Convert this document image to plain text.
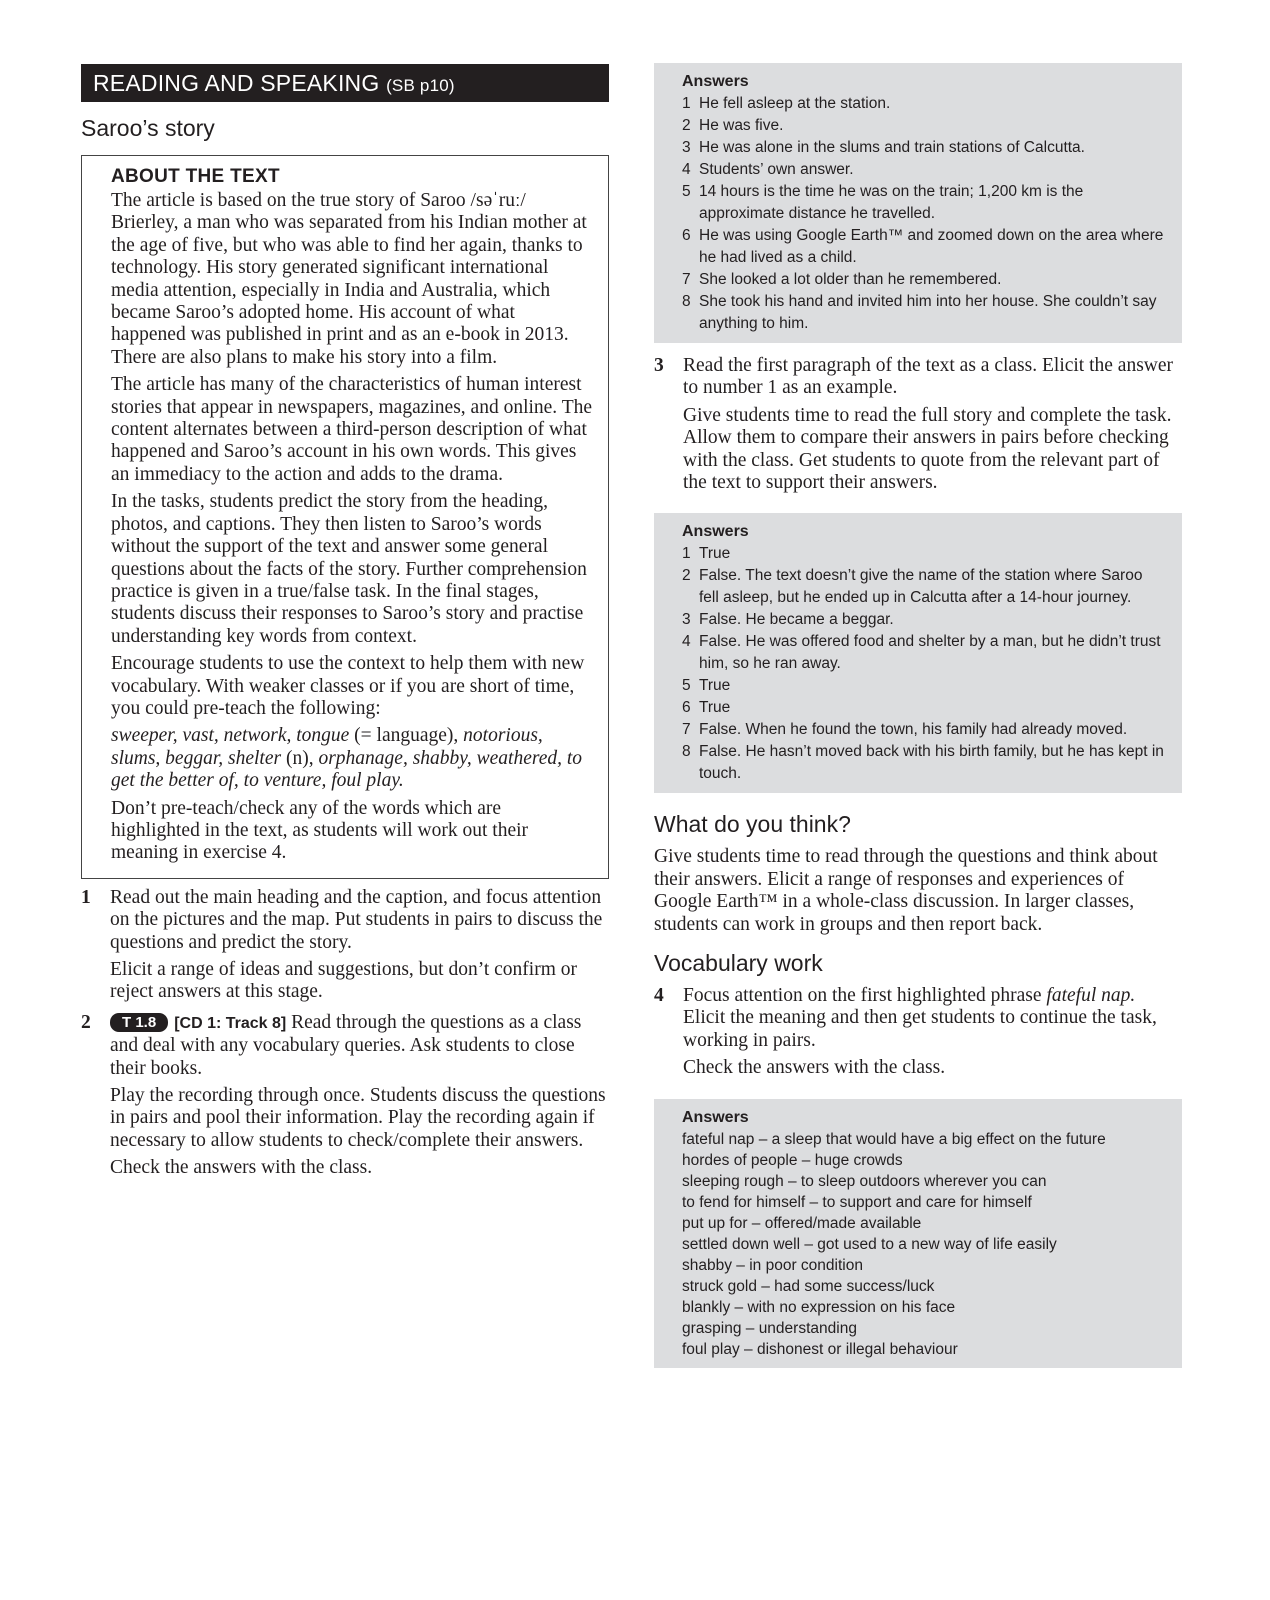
READING AND SPEAKING (SB p10)
Saroo’s story
ABOUT THE TEXT

The article is based on the true story of Saroo /səˈruː/ Brierley, a man who was separated from his Indian mother at the age of five, but who was able to find her again, thanks to technology. His story generated significant international media attention, especially in India and Australia, which became Saroo’s adopted home. His account of what happened was published in print and as an e-book in 2013. There are also plans to make his story into a film.

The article has many of the characteristics of human interest stories that appear in newspapers, magazines, and online. The content alternates between a third-person description of what happened and Saroo’s account in his own words. This gives an immediacy to the action and adds to the drama.

In the tasks, students predict the story from the heading, photos, and captions. They then listen to Saroo’s words without the support of the text and answer some general questions about the facts of the story. Further comprehension practice is given in a true/false task. In the final stages, students discuss their responses to Saroo’s story and practise understanding key words from context.

Encourage students to use the context to help them with new vocabulary. With weaker classes or if you are short of time, you could pre-teach the following:

sweeper, vast, network, tongue (= language), notorious, slums, beggar, shelter (n), orphanage, shabby, weathered, to get the better of, to venture, foul play.

Don’t pre-teach/check any of the words which are highlighted in the text, as students will work out their meaning in exercise 4.

1 Read out the main heading and the caption, and focus attention on the pictures and the map. Put students in pairs to discuss the questions and predict the story.

Elicit a range of ideas and suggestions, but don’t confirm or reject answers at this stage.

2	T 1.8 [CD 1: Track 8] Read through the questions as a class and deal with any vocabulary queries. Ask students to close their books.

Play the recording through once. Students discuss the questions in pairs and pool their information. Play the recording again if necessary to allow students to check/complete their answers.

Check the answers with the class.

Answers
1 He fell asleep at the station.
2 He was five.
3 He was alone in the slums and train stations of Calcutta.
4 Students’ own answer.
5 14 hours is the time he was on the train; 1,200 km is the approximate distance he travelled.
6 He was using Google Earth™ and zoomed down on the area where he had lived as a child.
7 She looked a lot older than he remembered.
8 She took his hand and invited him into her house. She couldn’t say anything to him.
3 Read the first paragraph of the text as a class. Elicit the answer to number 1 as an example.

Give students time to read the full story and complete the task. Allow them to compare their answers in pairs before checking with the class. Get students to quote from the relevant part of the text to support their answers.

Answers
1 True
2 False. The text doesn’t give the name of the station where Saroo fell asleep, but he ended up in Calcutta after a 14-hour journey.
3 False. He became a beggar.
4 False. He was offered food and shelter by a man, but he didn’t trust him, so he ran away.
5 True
6 True
7 False. When he found the town, his family had already moved.
8 False. He hasn’t moved back with his birth family, but he has kept in touch.
What do you think?

Give students time to read through the questions and think about their answers. Elicit a range of responses and experiences of Google Earth™ in a whole-class discussion. In larger classes, students can work in groups and then report back.

Vocabulary work
4 Focus attention on the first highlighted phrase fateful nap. Elicit the meaning and then get students to continue the task, working in pairs.

Check the answers with the class.

Answers
fateful nap – a sleep that would have a big effect on the future
hordes of people – huge crowds
sleeping rough – to sleep outdoors wherever you can
to fend for himself – to support and care for himself
put up for – offered/made available
settled down well – got used to a new way of life easily
shabby – in poor condition
struck gold – had some success/luck
blankly – with no expression on his face
grasping – understanding
foul play – dishonest or illegal behaviour
